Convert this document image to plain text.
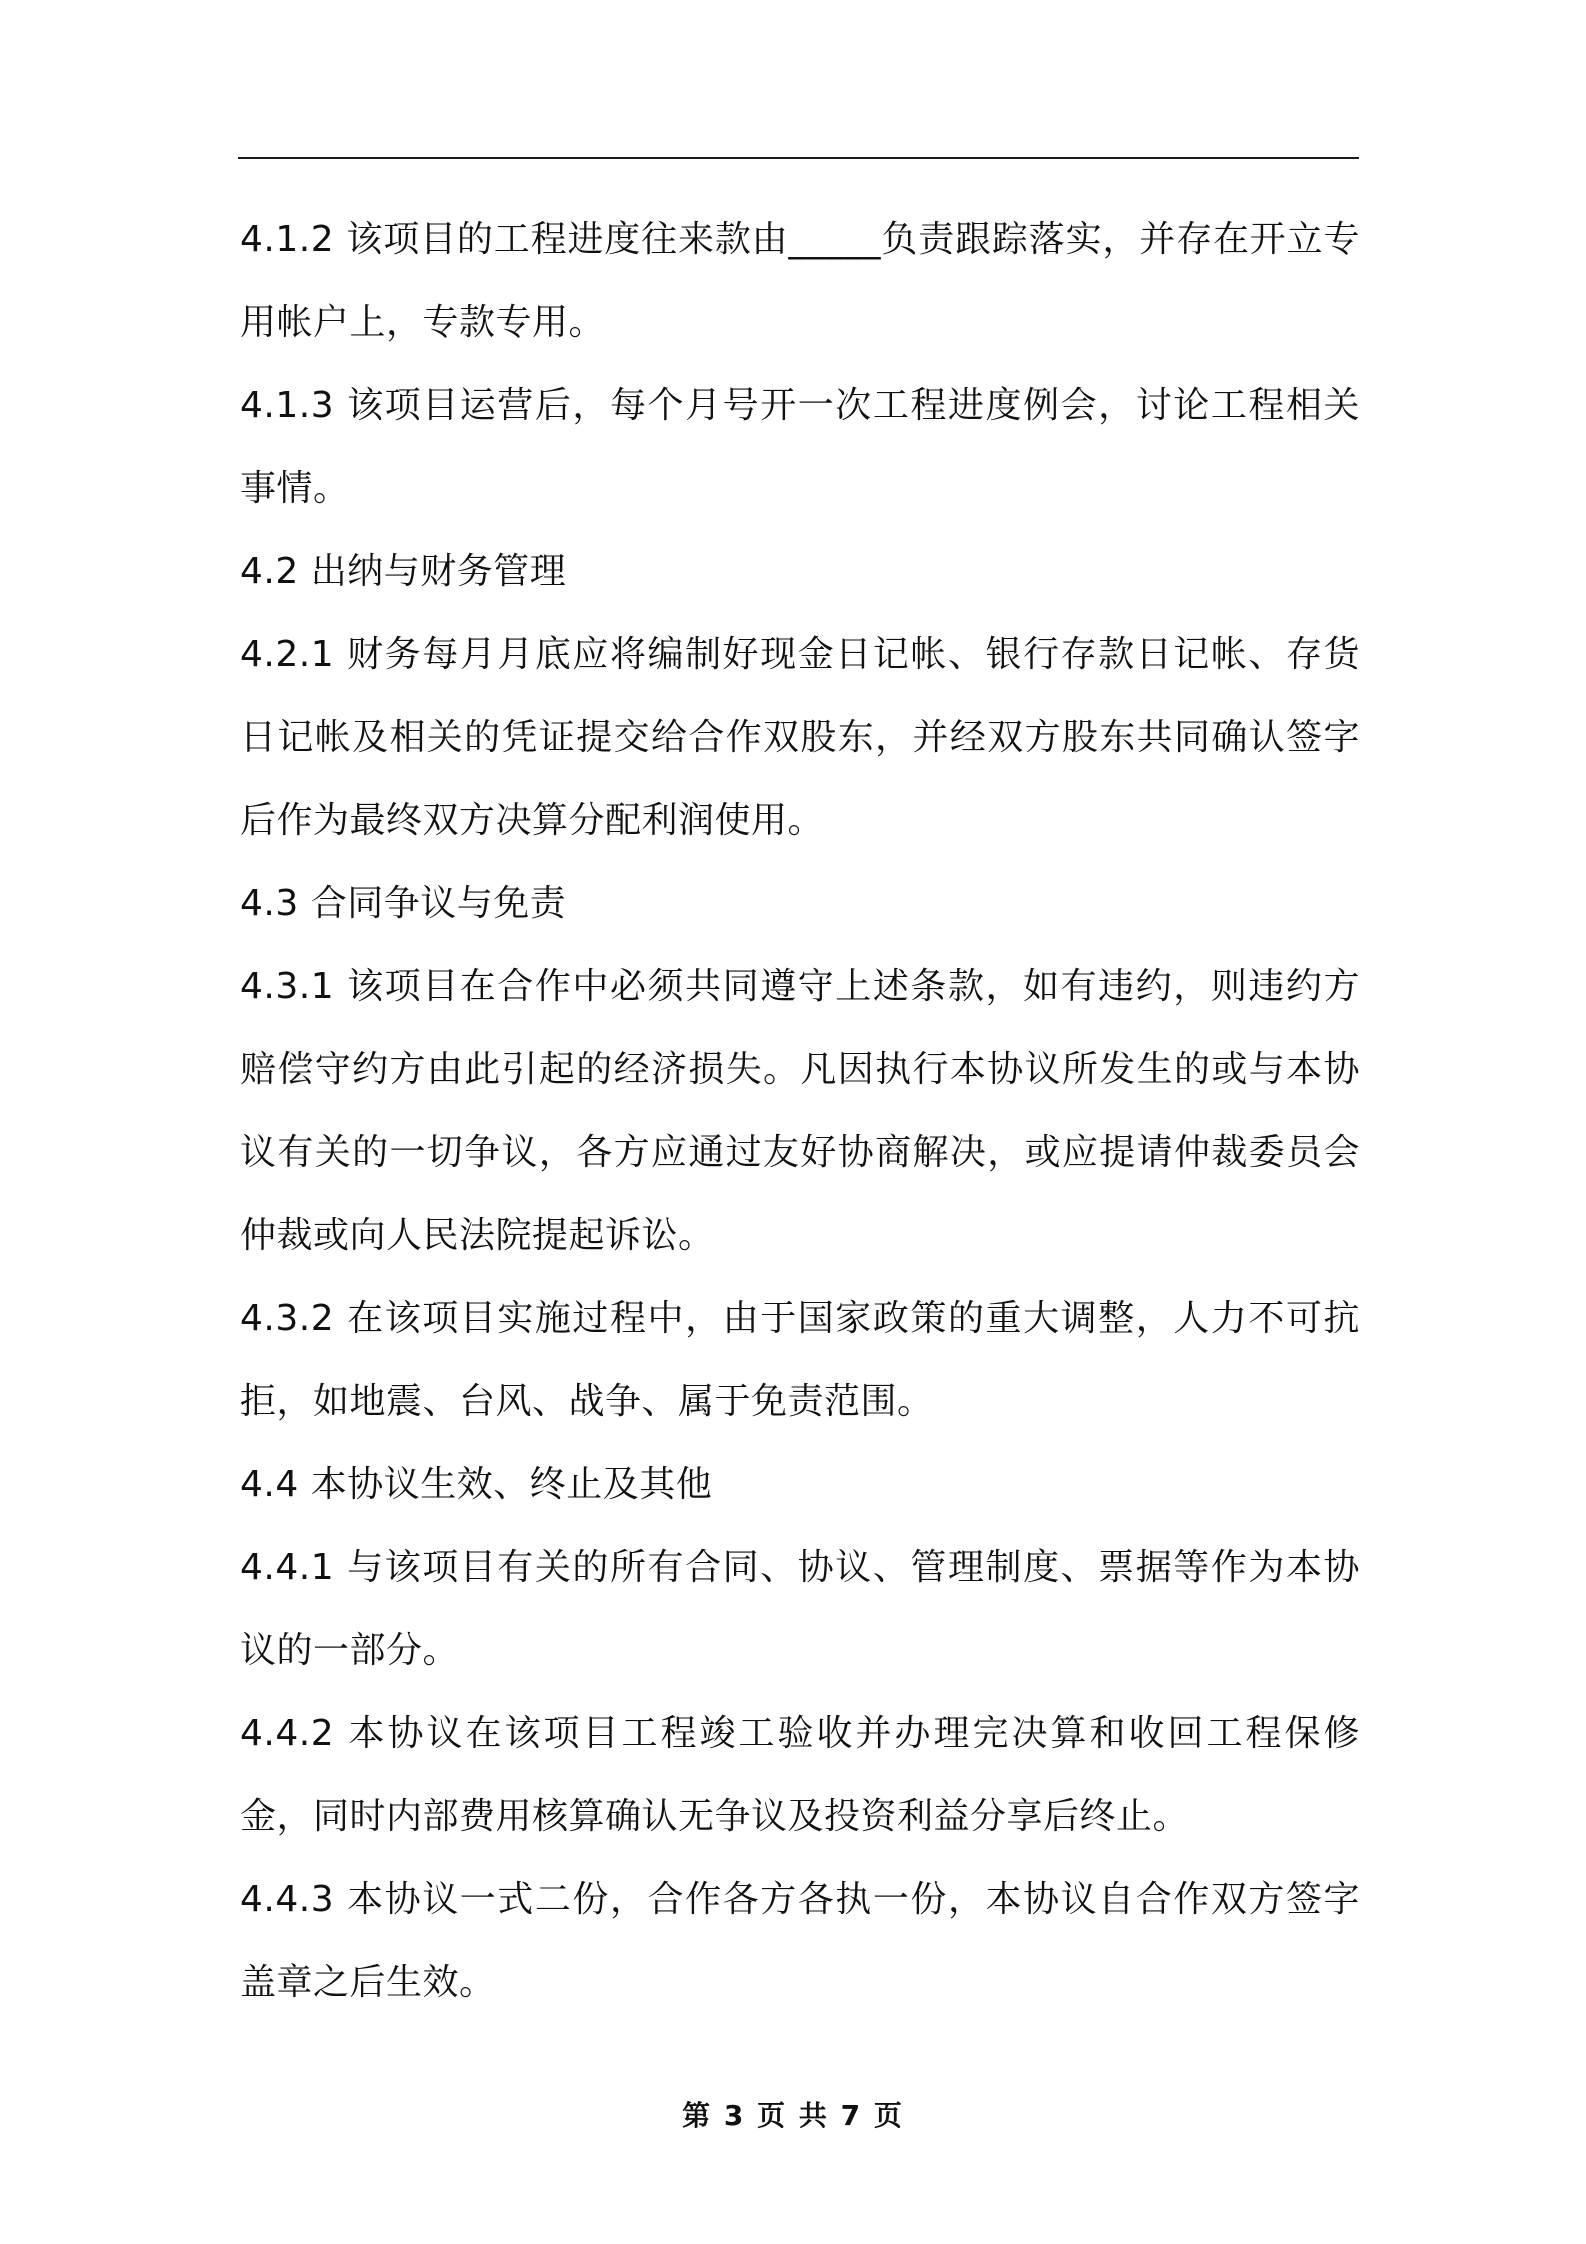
4.1.2 该项目的工程进度往来款由_____负责跟踪落实，并存在开立专用帐户上，专款专用。

4.1.3 该项目运营后，每个月号开一次工程进度例会，讨论工程相关事情。

4.2 出纳与财务管理

4.2.1 财务每月月底应将编制好现金日记帐、银行存款日记帐、存货日记帐及相关的凭证提交给合作双股东，并经双方股东共同确认签字后作为最终双方决算分配利润使用。

4.3 合同争议与免责

4.3.1 该项目在合作中必须共同遵守上述条款，如有违约，则违约方赔偿守约方由此引起的经济损失。凡因执行本协议所发生的或与本协议有关的一切争议，各方应通过友好协商解决，或应提请仲裁委员会仲裁或向人民法院提起诉讼。

4.3.2 在该项目实施过程中，由于国家政策的重大调整，人力不可抗拒，如地震、台风、战争、属于免责范围。

4.4 本协议生效、终止及其他

4.4.1 与该项目有关的所有合同、协议、管理制度、票据等作为本协议的一部分。

4.4.2 本协议在该项目工程竣工验收并办理完决算和收回工程保修金，同时内部费用核算确认无争议及投资利益分享后终止。

4.4.3 本协议一式二份，合作各方各执一份，本协议自合作双方签字盖章之后生效。

第 3 页 共 7 页
